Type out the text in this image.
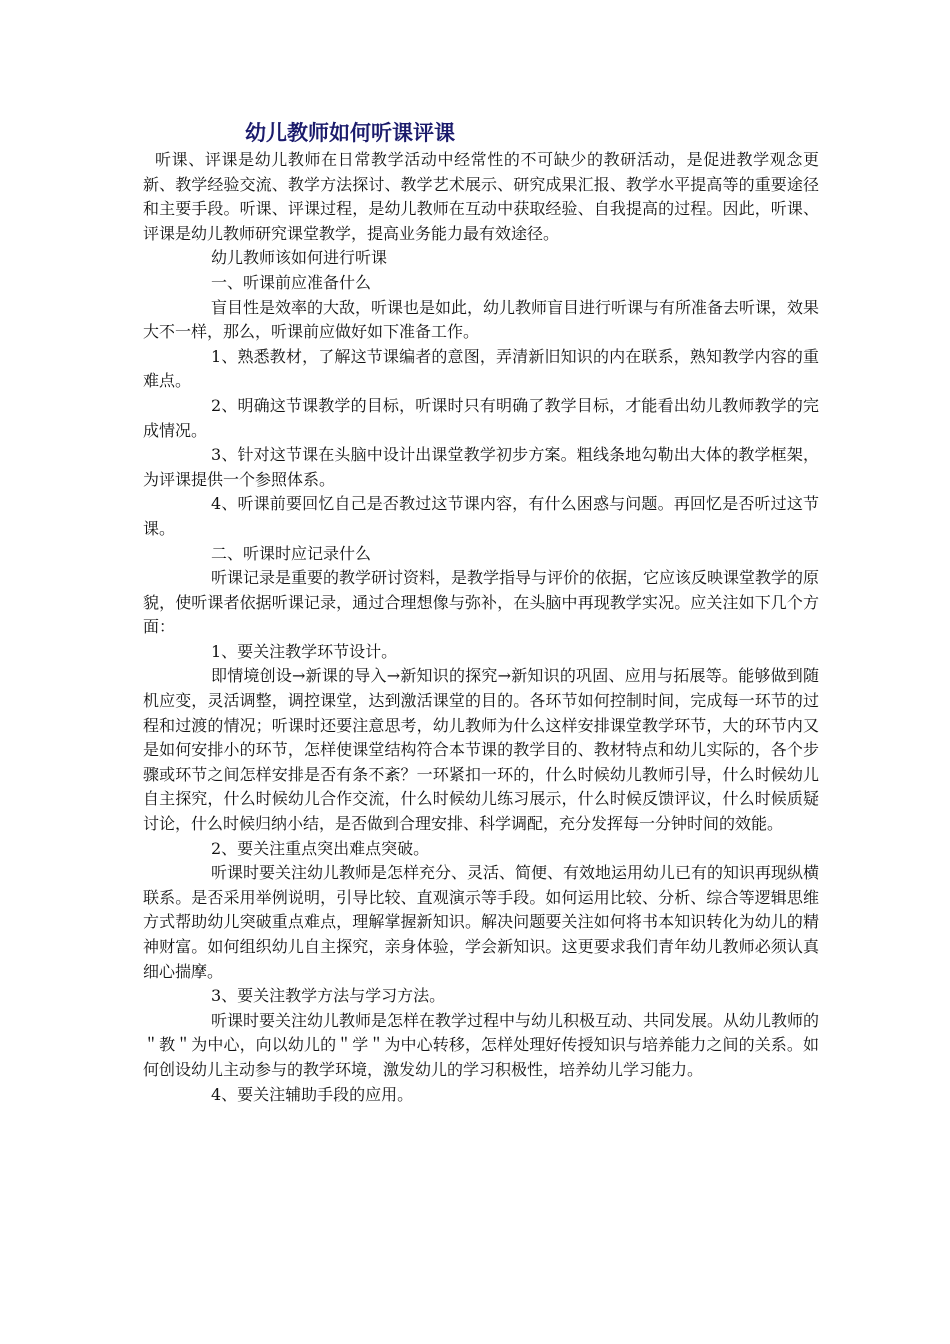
幼儿教师如何听课评课

听课、评课是幼儿教师在日常教学活动中经常性的不可缺少的教研活动，是促进教学观念更新、教学经验交流、教学方法探讨、教学艺术展示、研究成果汇报、教学水平提高等的重要途径和主要手段。听课、评课过程，是幼儿教师在互动中获取经验、自我提高的过程。因此，听课、评课是幼儿教师研究课堂教学，提高业务能力最有效途径。

幼儿教师该如何进行听课

一、听课前应准备什么

盲目性是效率的大敌，听课也是如此，幼儿教师盲目进行听课与有所准备去听课，效果大不一样，那么，听课前应做好如下准备工作。

1、熟悉教材，了解这节课编者的意图，弄清新旧知识的内在联系，熟知教学内容的重难点。

2、明确这节课教学的目标，听课时只有明确了教学目标，才能看出幼儿教师教学的完成情况。

3、针对这节课在头脑中设计出课堂教学初步方案。粗线条地勾勒出大体的教学框架，为评课提供一个参照体系。

4、听课前要回忆自己是否教过这节课内容，有什么困惑与问题。再回忆是否听过这节课。

二、听课时应记录什么

听课记录是重要的教学研讨资料，是教学指导与评价的依据，它应该反映课堂教学的原貌，使听课者依据听课记录，通过合理想像与弥补，在头脑中再现教学实况。应关注如下几个方面：

1、要关注教学环节设计。

即情境创设→新课的导入→新知识的探究→新知识的巩固、应用与拓展等。能够做到随机应变，灵活调整，调控课堂，达到激活课堂的目的。各环节如何控制时间，完成每一环节的过程和过渡的情况；听课时还要注意思考，幼儿教师为什么这样安排课堂教学环节，大的环节内又是如何安排小的环节，怎样使课堂结构符合本节课的教学目的、教材特点和幼儿实际的，各个步骤或环节之间怎样安排是否有条不紊？一环紧扣一环的，什么时候幼儿教师引导，什么时候幼儿自主探究，什么时候幼儿合作交流，什么时候幼儿练习展示，什么时候反馈评议，什么时候质疑讨论，什么时候归纳小结，是否做到合理安排、科学调配，充分发挥每一分钟时间的效能。

2、要关注重点突出难点突破。

听课时要关注幼儿教师是怎样充分、灵活、简便、有效地运用幼儿已有的知识再现纵横联系。是否采用举例说明，引导比较、直观演示等手段。如何运用比较、分析、综合等逻辑思维方式帮助幼儿突破重点难点，理解掌握新知识。解决问题要关注如何将书本知识转化为幼儿的精神财富。如何组织幼儿自主探究，亲身体验，学会新知识。这更要求我们青年幼儿教师必须认真细心揣摩。

3、要关注教学方法与学习方法。

听课时要关注幼儿教师是怎样在教学过程中与幼儿积极互动、共同发展。从幼儿教师的＂教＂为中心，向以幼儿的＂学＂为中心转移，怎样处理好传授知识与培养能力之间的关系。如何创设幼儿主动参与的教学环境，激发幼儿的学习积极性，培养幼儿学习能力。

4、要关注辅助手段的应用。
